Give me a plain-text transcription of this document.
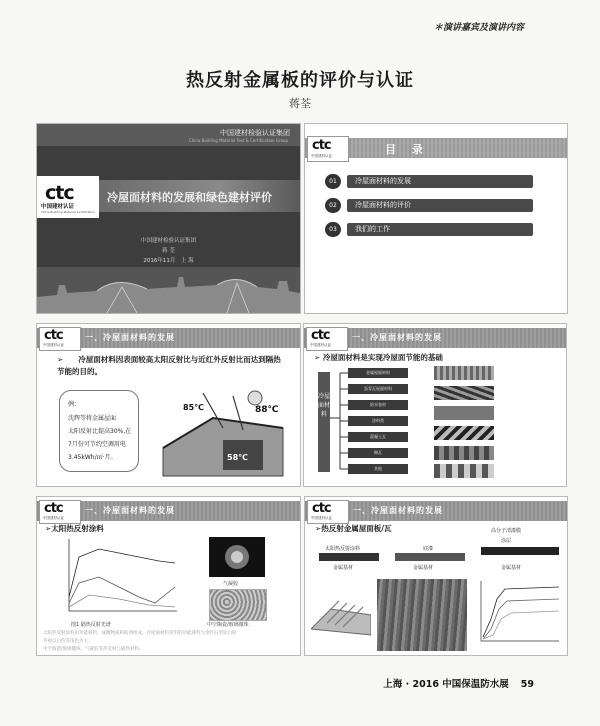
＊演讲嘉宾及演讲内容
热反射金属板的评价与认证
蒋荃
中国建材检验认证集团
China Building Material Test & Certification Group
ctc
中国建材认证
China Building Material Certification
冷屋面材料的发展和绿色建材评价
中国建材检验认证集团
蒋 荃
2016年11月　上 海
ctc
中国建材认证	目 录
01	冷屋面材料的发展
02	冷屋面材料的评价
03	我们的工作
ctc
中国建材认证
一、冷屋面材料的发展
➢　　冷屋面材料因表面较高太阳反射比与近红外反射比而达到隔热节能的目的。
例：
沈辉等将金属屋面
太阳反射比提高30%,在
7月份可节约空调用电
3.45kWh/㎡·月。
85℃	88℃
58℃
ctc
中国建材认证
一、冷屋面材料的发展
➢ 冷屋面材料是实现冷屋面节能的基础
冷屋面材料
金属屋面材料
沥青瓦屋面材料
防水卷材
涂料类
混凝土瓦
陶瓦
其他
ctc
中国建材认证
一、冷屋面材料的发展
➢太阳热反射涂料
图1 隔热反射光谱
气凝胶
中空陶瓷/玻璃微珠
太阳热反射涂料由功能颜料、成膜物质和助剂组成，冷屋面材料常用的功能颜料为金红石型钛白粉
外观以白色等浅色为主。
中空陶瓷/玻璃微珠、气凝胶等热反射与隔热材料。
ctc
中国建材认证
一、冷屋面材料的发展
➢热反射金属屋面板/瓦	高分子清漆膜
涂层
太阳热反射涂料	底漆
金属基材	金属基材	金属基材
上海 · 2016 中国保温防水展 59
